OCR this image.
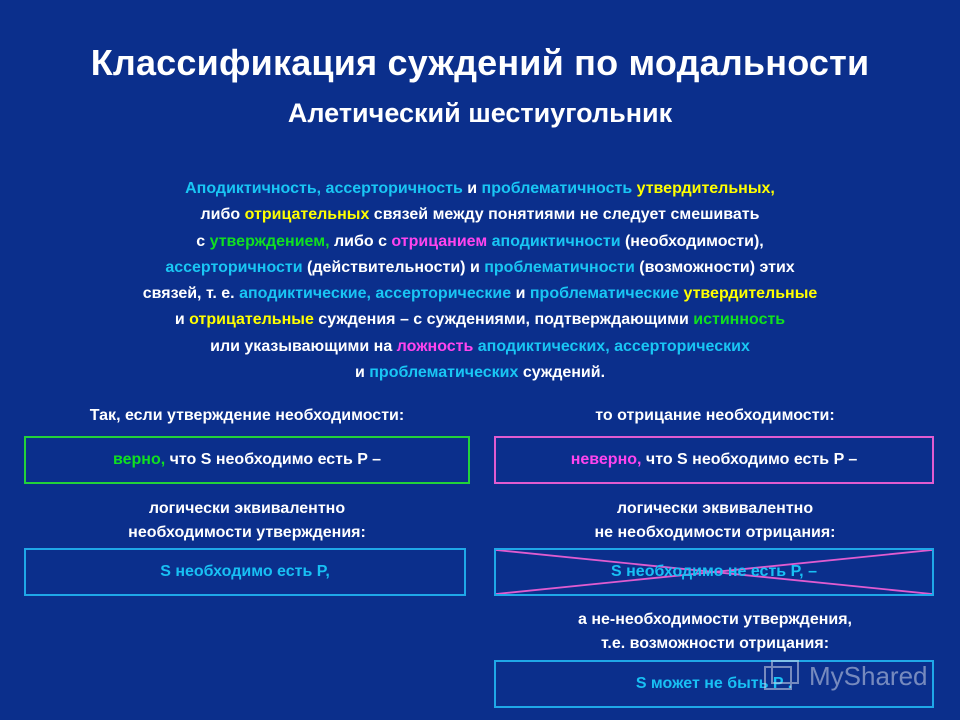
Классификация суждений по модальности
Алетический шестиугольник
Аподиктичность, ассерторичность и проблематичность утвердительных,
либо отрицательных связей между понятиями не следует смешивать
с утверждением, либо с отрицанием аподиктичности (необходимости),
ассерторичности (действительности) и проблематичности (возможности) этих
связей, т. е. аподиктические, ассерторические и проблематические утвердительные
и отрицательные суждения – с суждениями, подтверждающими истинность
или указывающими на ложность аподиктических, ассерторических
и проблематических суждений.
Так, если утверждение необходимости:
верно, что S необходимо есть P –
логически эквивалентно
необходимости утверждения:
S необходимо есть P,
то отрицание необходимости:
неверно, что S необходимо есть P –
логически эквивалентно
не необходимости отрицания:
S необходимо не есть P, –
а не-необходимости утверждения,
т.е. возможности отрицания:
S может не быть P . MyShared
